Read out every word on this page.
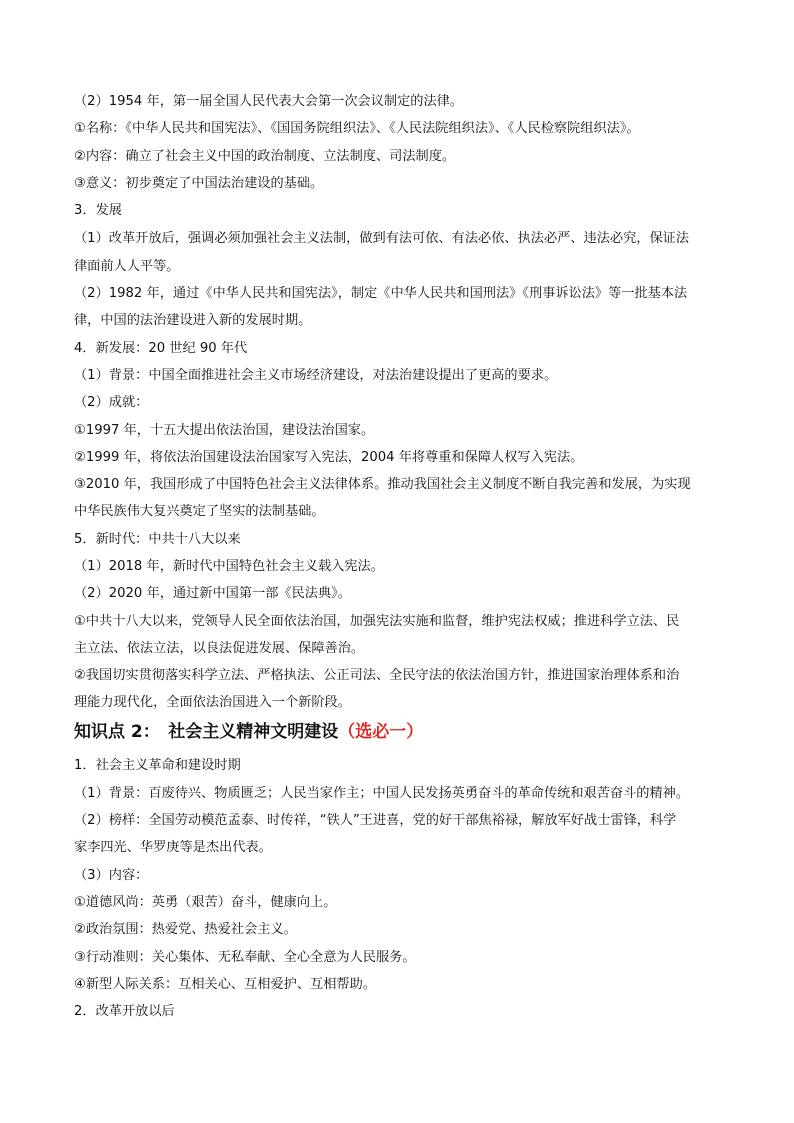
（2）1954 年，第一届全国人民代表大会第一次会议制定的法律。
①名称：《中华人民共和国宪法》、《国国务院组织法》、《人民法院组织法》、《人民检察院组织法》。
②内容：确立了社会主义中国的政治制度、立法制度、司法制度。
③意义：初步奠定了中国法治建设的基础。
3．发展
（1）改革开放后，强调必须加强社会主义法制，做到有法可依、有法必依、执法必严、违法必究，保证法
律面前人人平等。
（2）1982 年，通过《中华人民共和国宪法》，制定《中华人民共和国刑法》《刑事诉讼法》等一批基本法
律，中国的法治建设进入新的发展时期。
4．新发展：20 世纪 90 年代
（1）背景：中国全面推进社会主义市场经济建设，对法治建设提出了更高的要求。
（2）成就：
①1997 年，十五大提出依法治国，建设法治国家。
②1999 年，将依法治国建设法治国家写入宪法，2004 年将尊重和保障人权写入宪法。
③2010 年，我国形成了中国特色社会主义法律体系。推动我国社会主义制度不断自我完善和发展，为实现
中华民族伟大复兴奠定了坚实的法制基础。
5．新时代：中共十八大以来
（1）2018 年，新时代中国特色社会主义载入宪法。
（2）2020 年，通过新中国第一部《民法典》。
①中共十八大以来，党领导人民全面依法治国，加强宪法实施和监督，维护宪法权威；推进科学立法、民
主立法、依法立法，以良法促进发展、保障善治。
②我国切实贯彻落实科学立法、严格执法、公正司法、全民守法的依法治国方针，推进国家治理体系和治
理能力现代化，全面依法治国进入一个新阶段。
知识点 2：　社会主义精神文明建设（选必一）
1．社会主义革命和建设时期
（1）背景：百废待兴、物质匮乏；人民当家作主；中国人民发扬英勇奋斗的革命传统和艰苦奋斗的精神。
（2）榜样：全国劳动模范孟泰、时传祥，“铁人”王进喜，党的好干部焦裕禄，解放军好战士雷锋，科学
家李四光、华罗庚等是杰出代表。
（3）内容：
①道德风尚：英勇（艰苦）奋斗，健康向上。
②政治氛围：热爱党、热爱社会主义。
③行动准则：关心集体、无私奉献、全心全意为人民服务。
④新型人际关系：互相关心、互相爱护、互相帮助。
2．改革开放以后
